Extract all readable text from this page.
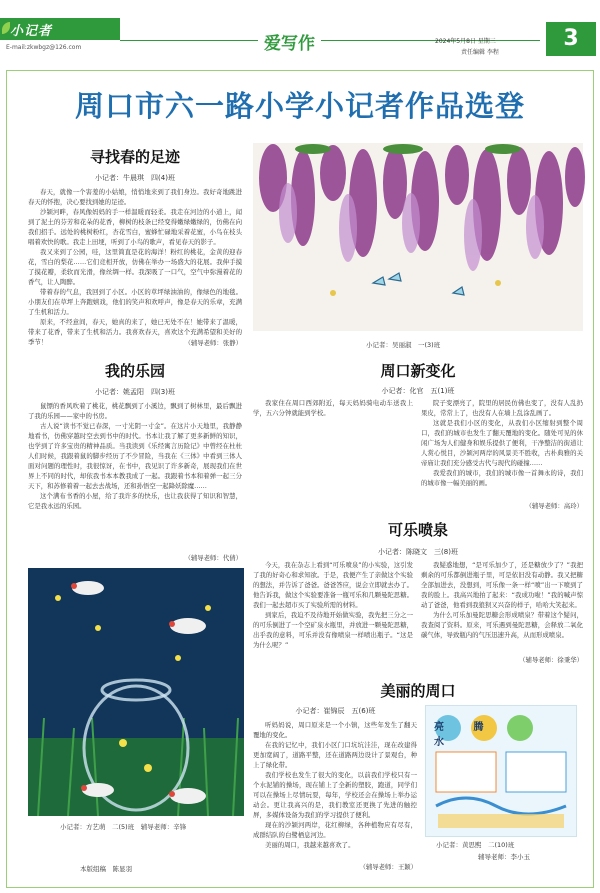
小记者
E-mail:zkwbgz@126.com	爱写作	2024年5月8日 星期三
责任编辑 李程
3
周口市六一路小学小记者作品选登
寻找春的足迹
小记者：牛晨琪　四(4)班

春天，就像一个害羞的小姑娘，悄悄地来到了我们身边。我好奇地跳进春天的怀抱，决心要找到她的足迹。

沙颍河畔，春风像妈妈的手一样温暖而轻柔。我走在河边的小道上，闻到了泥土的芬芳和花朵的花香，柳树的枝条已经变得嫩绿嫩绿的，仿佛在向我们招手。远处的桃树粉红，杏花雪白，蜜蜂忙碌地采着花蜜，小鸟在枝头唱着欢快的歌。我走上田埂，听到了小鸟的歌声，看见春天的影子。

我又来到了公园，哇，这里简直是花的海洋！粉红的桃花，金黄的迎春花，雪白的梨花……它们竞相开放，仿佛在举办一场盛大的花展。我伸手摸了摸花瓣，柔软而光滑，像丝绸一样。我深吸了一口气，空气中弥漫着花的香气，让人陶醉。

带着春的气息，我回到了小区。小区的草坪绿油油的，像绿色的地毯。小朋友们在草坪上奔跑嬉戏，他们的笑声和欢呼声，像是春天的乐章，充满了生机和活力。

原来，不经意间，春天，她真的来了，她已无处不在！她带来了温暖，带来了花香，带来了生机和活力。我喜欢春天，喜欢这个充满希望和美好的季节！	（辅导老师：张静）
我的乐园
小记者：姚孟阳　四(3)班

鼠镖的香风吹着了桃花，桃花飘到了小溪边，飘到了树林里，最后飘进了我的乐园——家中的书房。

古人说“读书不觉已春深，一寸光阴一寸金”。在这片小天地里，我静静地看书，仿佛穿越时空去到书中的时代。书本让我了解了更多新鲜的知识，也学到了许多宝贵的精神品质。当我读到《乐经寓言历险记》中曾经在杜杜人们时候，我跟着鼠的脚步经历了不少冒险，当我在《三体》中看到三体人面对问题的理性时，我很惊讶，在书中，我见识了许多新奇，展现我们在世界上不同的时代，却依我书本本教我成了一起。我跟着书本和着弹一起三分天下，和苏修着着一起去去战场，还和孙悟空一起降妖除魔……

这个满布书香的小屋，给了我许多的快乐，也让我获得了知识和智慧，它是我永远的乐园。

（辅导老师：代倩）
小记者：吴丽淑　一(3)班
周口新变化
小记者：化官　五(1)班

我家住在周口西郊附近，每天妈妈骑电动车送我上学，五六分钟就能到学校。

院子变漂亮了，院里的居民仿佛也变了，没有人乱扔果皮，常常上了，也没有人在墙上乱涂乱画了。

这就是我们小区的变化，从我们小区缩射到整个周口，我们的城市也发生了翻天覆地的变化。随处可见的休闲广场为人们健身和娱乐提供了便利，干净整洁的街道让人赏心悦目，沙颍河两岸的风景美不胜收，古朴典雅的关帝庙让我们充分感受古代与现代的碰撞……

我爱我们的城市，我们的城市像一首舞永的诗，我们的城市像一幅美丽的画。

（辅导老师：高玲）
可乐喷泉
小记者：陈晓文　三(8)班

今天，我在杂志上看到“可乐喷泉”的小实验，这引发了我的好奇心和求知欲。于是，我便产生了亲做这个实验的想法，并告诉了爸爸。爸爸答应，说会立即就去办了。他告诉我，做这个实验要准备一瓶可乐和几颗曼陀思糖。我们一起去超市买了实验所需的材料。

到家后，我迫不及待地开始做实验，我先把三分之一的可乐倒进了一个空矿泉水瓶里，并放进一颗曼陀思糖，出乎我的意料，可乐并没有像喷泉一样喷出瓶子。“这是为什么呢？”

我疑惑地想，“是可乐加少了，还是糖放少了？”我把剩余的可乐都倒进瓶子里，可是依旧没有动静。我又把糖全部加进去，没想到，可乐像一条一样“喷”出一下喷到了我的脸上。我高兴地拍了起来：“我成功啦！”我的喊声惊动了爸爸，他看到我狼狈又兴奋的样子，哈哈大笑起来。

为什么可乐加曼陀思糖会形成喷泉？带着这个疑问，我查阅了资料。原来，可乐遇到曼陀思糖，会释放二氧化碳气体，导致瓶内的气压迅速升高，从而形成喷泉。

（辅导老师：徐秉华）
美丽的周口
小记者：崔锦辰　五(6)班

听妈妈说，周口原来是一个小镇，这些年发生了翻天覆地的变化。

在我的记忆中，我们小区门口坑坑洼洼，现在改建得更加宽阔了，道路平整，还在道路两边设计了景观台，种上了绿化带。

我们学校也发生了很大的变化，以前我们学校只有一个水泥铺的操场，现在铺上了全新的塑胶，跑道，同学们可以在操场上尽情玩耍，每年，学校还会在操场上举办运动会。更让我高兴的是，我们教室还更换了先进的触控屏，多媒体设备为我们的学习提供了便利。

现在的沙颍河两岸，花红柳绿，各种植物应有尽有，成群结队的白鹭栖息河边。

美丽的周口，我越来越喜欢了。

（辅导老师：王颖）
小记者：方艺萌　二(5)班　辅导老师：辛锋
本版组稿　陈显羽
亮 腾 水
小记者：黄思熙　二(10)班
辅导老师：李小玉
